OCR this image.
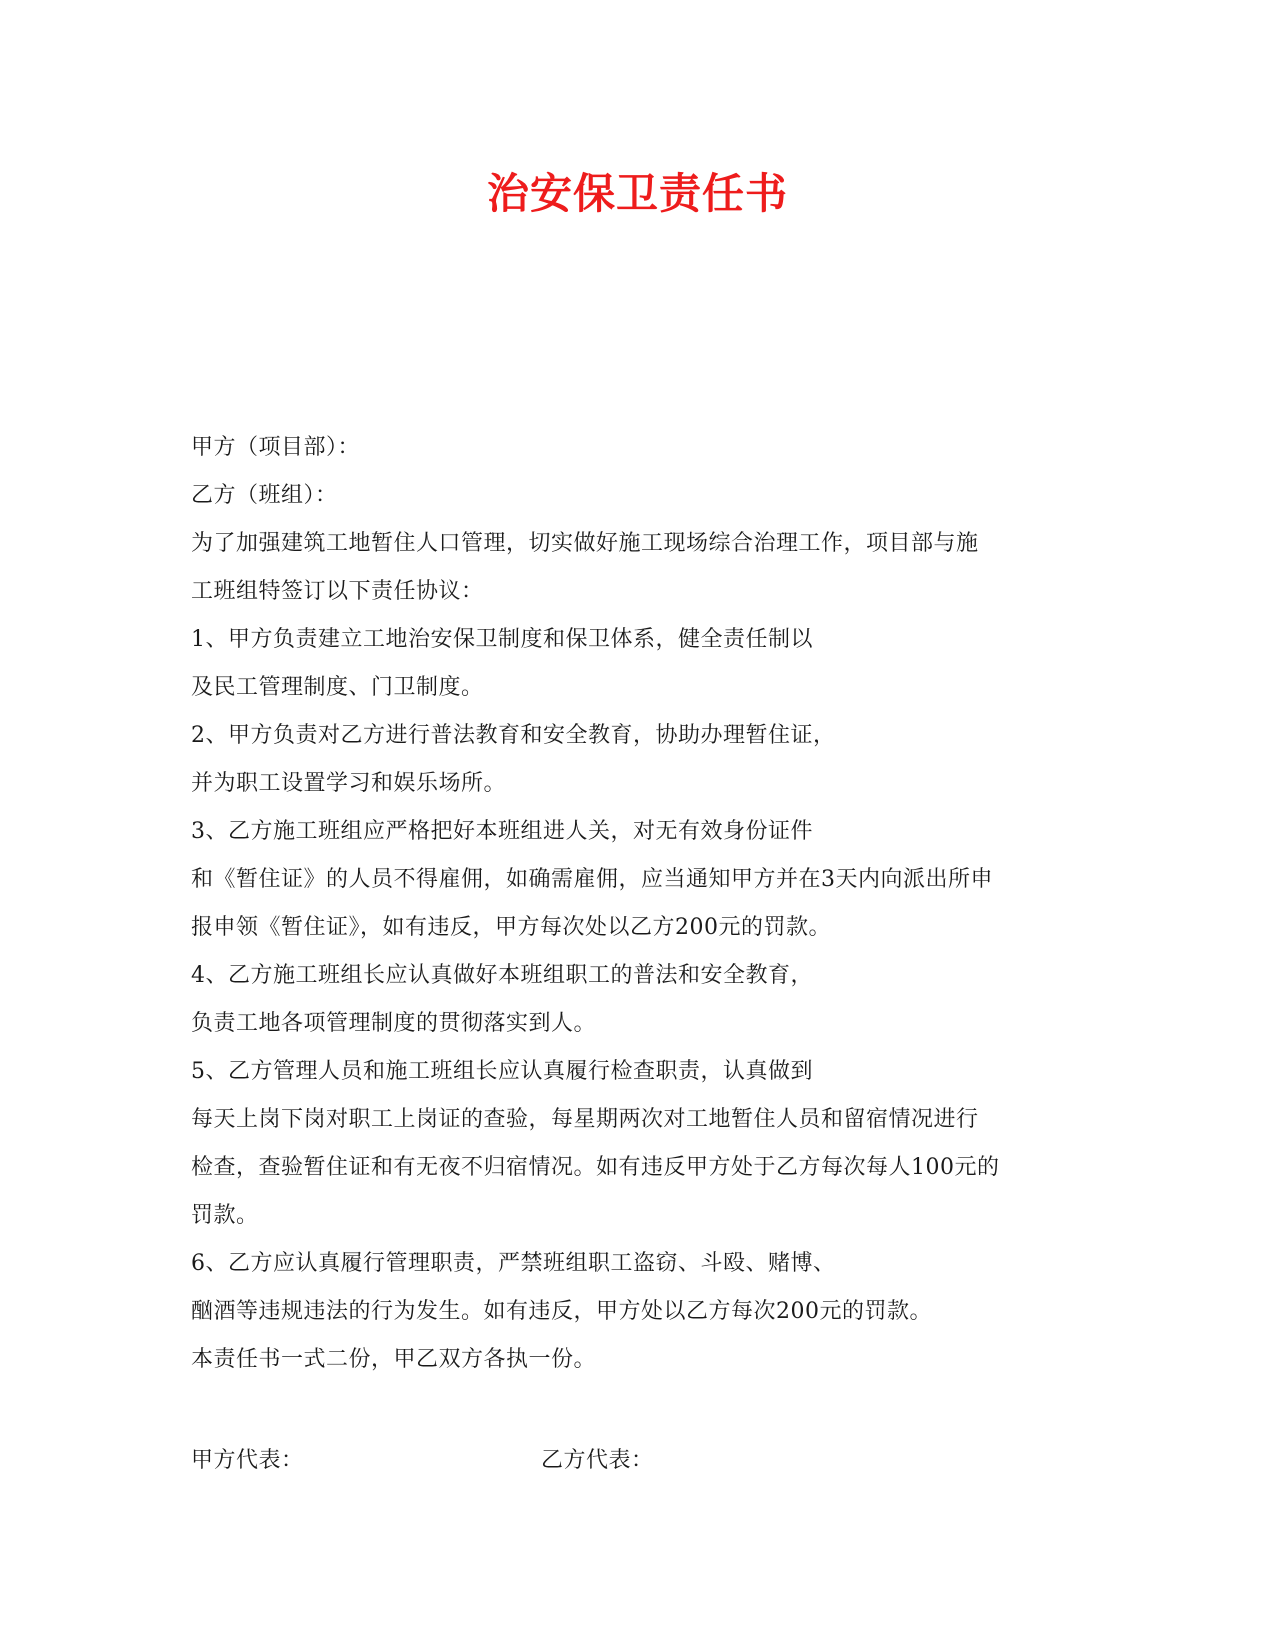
治安保卫责任书
甲方（项目部）：
乙方（班组）：
为了加强建筑工地暂住人口管理，切实做好施工现场综合治理工作，项目部与施
工班组特签订以下责任协议：
1、甲方负责建立工地治安保卫制度和保卫体系，健全责任制以
及民工管理制度、门卫制度。
2、甲方负责对乙方进行普法教育和安全教育，协助办理暂住证，
并为职工设置学习和娱乐场所。
3、乙方施工班组应严格把好本班组进人关，对无有效身份证件
和《暂住证》的人员不得雇佣，如确需雇佣，应当通知甲方并在3天内向派出所申
报申领《暂住证》，如有违反，甲方每次处以乙方200元的罚款。
4、乙方施工班组长应认真做好本班组职工的普法和安全教育，
负责工地各项管理制度的贯彻落实到人。
5、乙方管理人员和施工班组长应认真履行检查职责，认真做到
每天上岗下岗对职工上岗证的查验，每星期两次对工地暂住人员和留宿情况进行
检查，查验暂住证和有无夜不归宿情况。如有违反甲方处于乙方每次每人100元的
罚款。
6、乙方应认真履行管理职责，严禁班组职工盗窃、斗殴、赌博、
酗酒等违规违法的行为发生。如有违反，甲方处以乙方每次200元的罚款。
本责任书一式二份，甲乙双方各执一份。
甲方代表：	乙方代表：
